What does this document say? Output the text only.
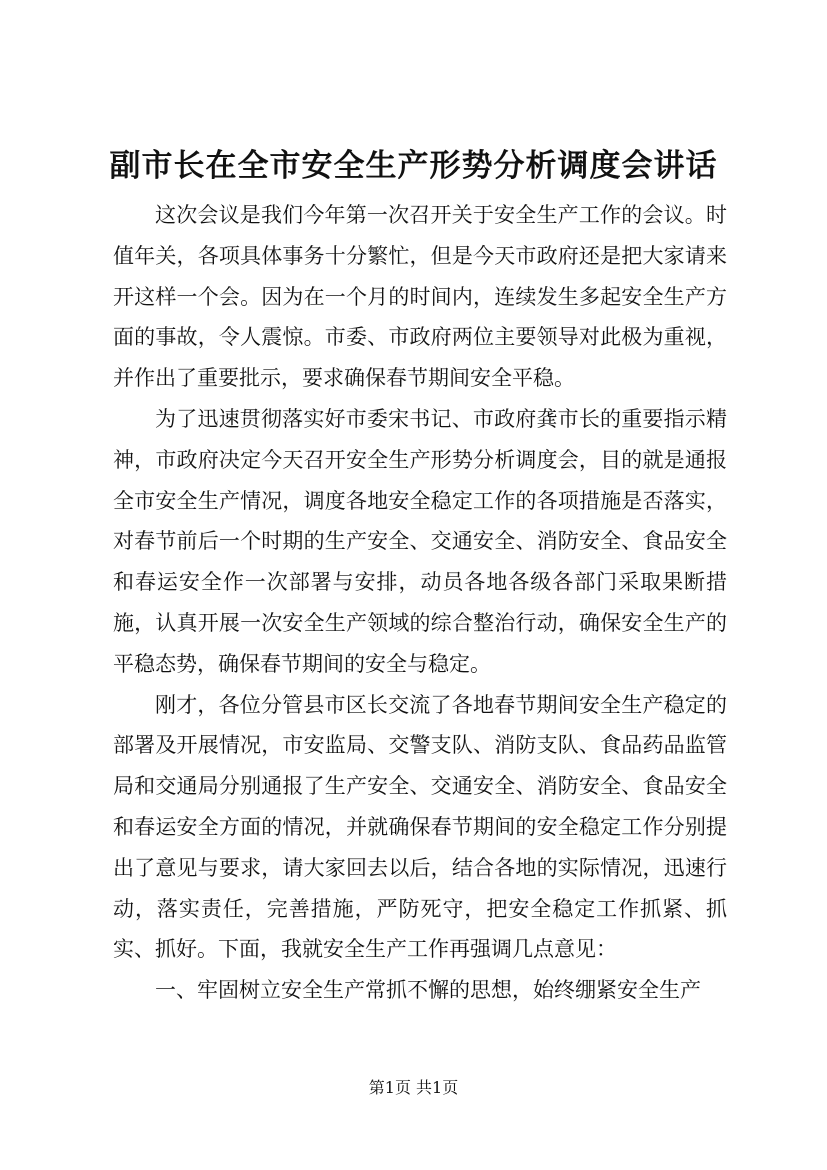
副市长在全市安全生产形势分析调度会讲话

这次会议是我们今年第一次召开关于安全生产工作的会议。时值年关，各项具体事务十分繁忙，但是今天市政府还是把大家请来开这样一个会。因为在一个月的时间内，连续发生多起安全生产方面的事故，令人震惊。市委、市政府两位主要领导对此极为重视，并作出了重要批示，要求确保春节期间安全平稳。

为了迅速贯彻落实好市委宋书记、市政府龚市长的重要指示精神，市政府决定今天召开安全生产形势分析调度会，目的就是通报全市安全生产情况，调度各地安全稳定工作的各项措施是否落实，对春节前后一个时期的生产安全、交通安全、消防安全、食品安全和春运安全作一次部署与安排，动员各地各级各部门采取果断措施，认真开展一次安全生产领域的综合整治行动，确保安全生产的平稳态势，确保春节期间的安全与稳定。

刚才，各位分管县市区长交流了各地春节期间安全生产稳定的部署及开展情况，市安监局、交警支队、消防支队、食品药品监管局和交通局分别通报了生产安全、交通安全、消防安全、食品安全和春运安全方面的情况，并就确保春节期间的安全稳定工作分别提出了意见与要求，请大家回去以后，结合各地的实际情况，迅速行动，落实责任，完善措施，严防死守，把安全稳定工作抓紧、抓实、抓好。下面，我就安全生产工作再强调几点意见：

一、牢固树立安全生产常抓不懈的思想，始终绷紧安全生产

第1页 共1页
